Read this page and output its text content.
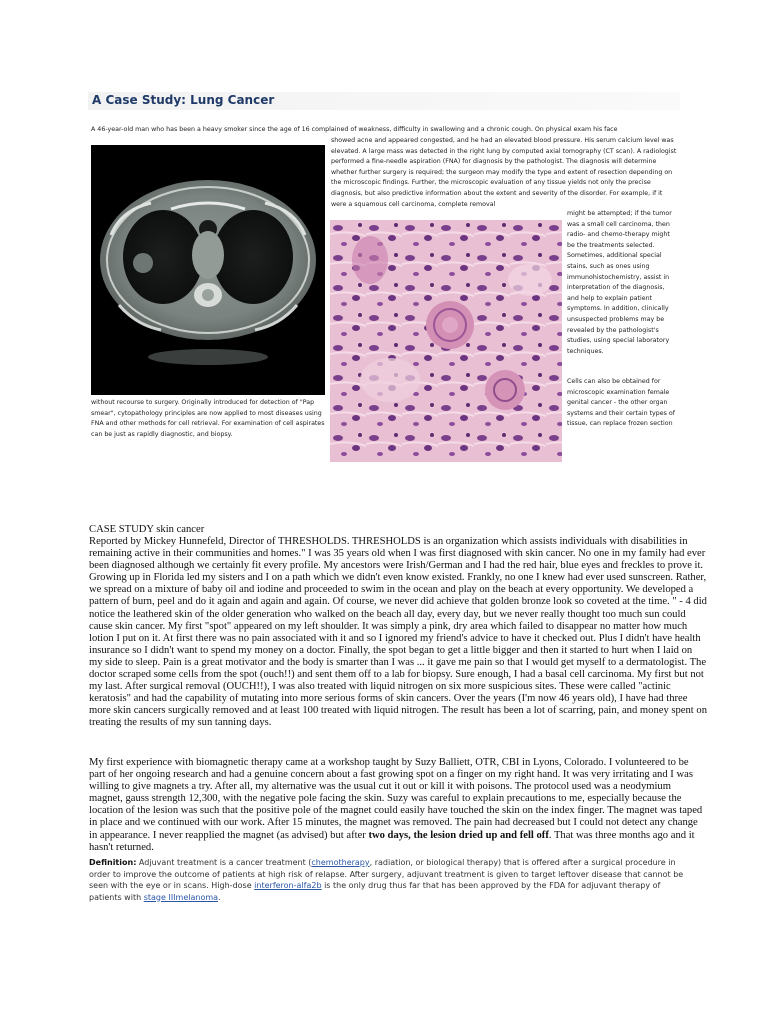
A Case Study: Lung Cancer

A 46-year-old man who has been a heavy smoker since the age of 16 complained of weakness, difficulty in swallowing and a chronic cough. On physical exam his face

showed acne and appeared congested, and he had an elevated blood pressure. His serum calcium level was elevated. A large mass was detected in the right lung by computed axial tomography (CT scan). A radiologist performed a fine-needle aspiration (FNA) for diagnosis by the pathologist. The diagnosis will determine whether further surgery is required; the surgeon may modify the type and extent of resection depending on the microscopic findings. Further, the microscopic evaluation of any tissue yields not only the precise diagnosis, but also predictive information about the extent and severity of the disorder. For example, if it were a squamous cell carcinoma, complete removal

might be attempted; if the tumor was a small cell carcinoma, then radio- and chemo-therapy might be the treatments selected. Sometimes, additional special stains, such as ones using immunohistochemistry, assist in interpretation of the diagnosis, and help to explain patient symptoms. In addition, clinically unsuspected problems may be revealed by the pathologist's studies, using special laboratory techniques.

Cells can also be obtained for microscopic examination female genital cancer - the other organ systems and their certain types of tissue, can replace frozen section

without recourse to surgery. Originally introduced for detection of "Pap smear", cytopathology principles are now applied to most diseases using FNA and other methods for cell retrieval. For examination of cell aspirates can be just as rapidly diagnostic, and biopsy.

CASE STUDY skin cancer

Reported by Mickey Hunnefeld, Director of THRESHOLDS. THRESHOLDS is an organization which assists individuals with disabilities in remaining active in their communities and homes." I was 35 years old when I was first diagnosed with skin cancer. No one in my family had ever been diagnosed although we certainly fit every profile. My ancestors were Irish/German and I had the red hair, blue eyes and freckles to prove it. Growing up in Florida led my sisters and I on a path which we didn't even know existed. Frankly, no one I knew had ever used sunscreen. Rather, we spread on a mixture of baby oil and iodine and proceeded to swim in the ocean and play on the beach at every opportunity. We developed a pattern of burn, peel and do it again and again and again. Of course, we never did achieve that golden bronze look so coveted at the time. " - 4 did notice the leathered skin of the older generation who walked on the beach all day, every day, but we never really thought too much sun could cause skin cancer. My first "spot" appeared on my left shoulder. It was simply a pink, dry area which failed to disappear no matter how much lotion I put on it. At first there was no pain associated with it and so I ignored my friend's advice to have it checked out. Plus I didn't have health insurance so I didn't want to spend my money on a doctor. Finally, the spot began to get a little bigger and then it started to hurt when I laid on my side to sleep. Pain is a great motivator and the body is smarter than I was ... it gave me pain so that I would get myself to a dermatologist. The doctor scraped some cells from the spot (ouch!!) and sent them off to a lab for biopsy. Sure enough, I had a basal cell carcinoma. My first but not my last. After surgical removal (OUCH!!), I was also treated with liquid nitrogen on six more suspicious sites. These were called "actinic keratosis" and had the capability of mutating into more serious forms of skin cancers. Over the years (I'm now 46 years old), I have had three more skin cancers surgically removed and at least 100 treated with liquid nitrogen. The result has been a lot of scarring, pain, and money spent on treating the results of my sun tanning days.

My first experience with biomagnetic therapy came at a workshop taught by Suzy Balliett, OTR, CBI in Lyons, Colorado. I volunteered to be part of her ongoing research and had a genuine concern about a fast growing spot on a finger on my right hand. It was very irritating and I was willing to give magnets a try. After all, my alternative was the usual cut it out or kill it with poisons. The protocol used was a neodymium magnet, gauss strength 12,300, with the negative pole facing the skin. Suzy was careful to explain precautions to me, especially because the location of the lesion was such that the positive pole of the magnet could easily have touched the skin on the index finger. The magnet was taped in place and we continued with our work. After 15 minutes, the magnet was removed. The pain had decreased but I could not detect any change in appearance. I never reapplied the magnet (as advised) but after two days, the lesion dried up and fell off. That was three months ago and it hasn't returned.

Definition: Adjuvant treatment is a cancer treatment (chemotherapy, radiation, or biological therapy) that is offered after a surgical procedure in order to improve the outcome of patients at high risk of relapse. After surgery, adjuvant treatment is given to target leftover disease that cannot be seen with the eye or in scans. High-dose interferon-alfa2b is the only drug thus far that has been approved by the FDA for adjuvant therapy of patients with stage IIImelanoma.
